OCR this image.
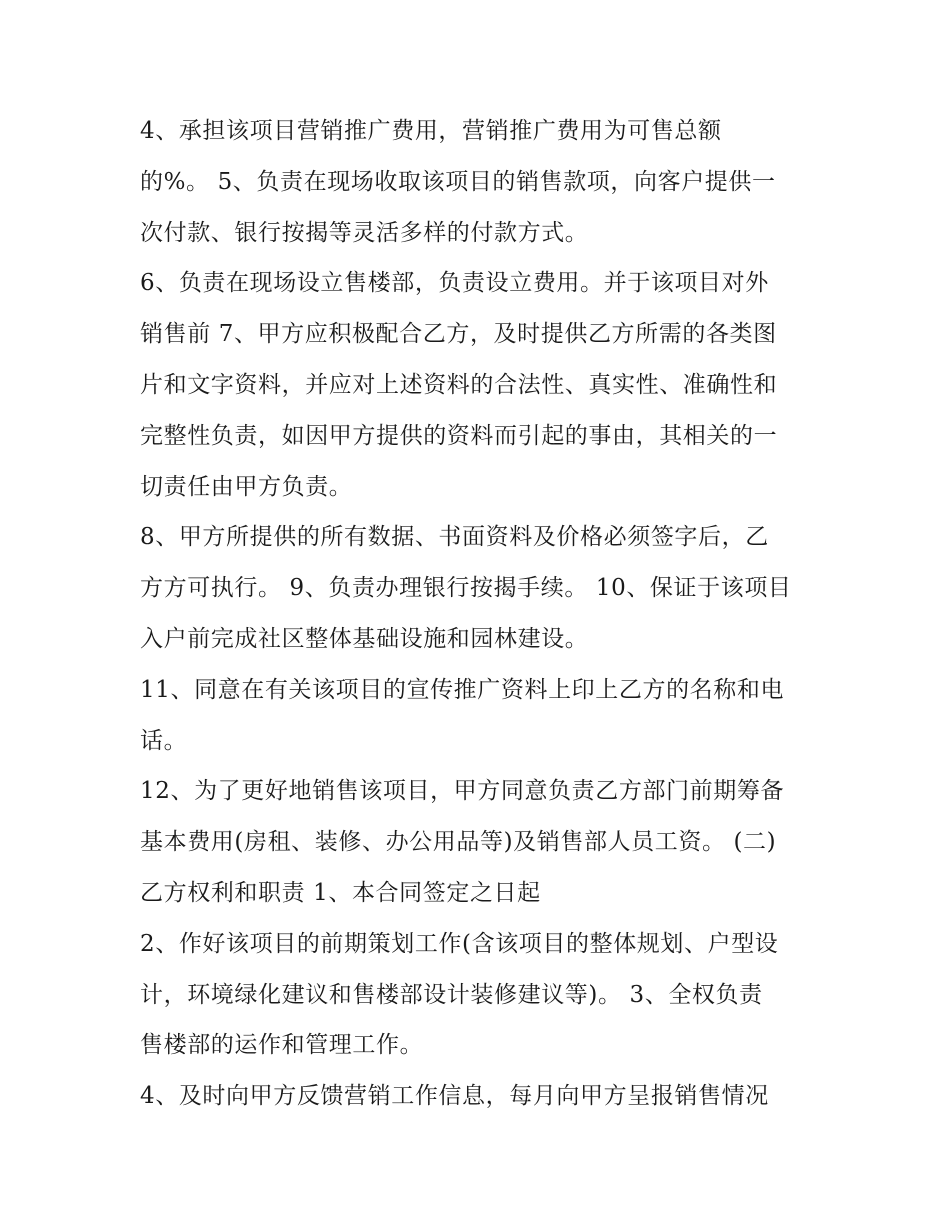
4、承担该项目营销推广费用，营销推广费用为可售总额
的%。 5、负责在现场收取该项目的销售款项，向客户提供一
次付款、银行按揭等灵活多样的付款方式。
6、负责在现场设立售楼部，负责设立费用。并于该项目对外
销售前 7、甲方应积极配合乙方，及时提供乙方所需的各类图
片和文字资料，并应对上述资料的合法性、真实性、准确性和
完整性负责，如因甲方提供的资料而引起的事由，其相关的一
切责任由甲方负责。
8、甲方所提供的所有数据、书面资料及价格必须签字后，乙
方方可执行。 9、负责办理银行按揭手续。 10、保证于该项目
入户前完成社区整体基础设施和园林建设。
11、同意在有关该项目的宣传推广资料上印上乙方的名称和电
话。
12、为了更好地销售该项目，甲方同意负责乙方部门前期筹备
基本费用(房租、装修、办公用品等)及销售部人员工资。 (二)
乙方权利和职责 1、本合同签定之日起
2、作好该项目的前期策划工作(含该项目的整体规划、户型设
计，环境绿化建议和售楼部设计装修建议等)。 3、全权负责
售楼部的运作和管理工作。
4、及时向甲方反馈营销工作信息，每月向甲方呈报销售情况
